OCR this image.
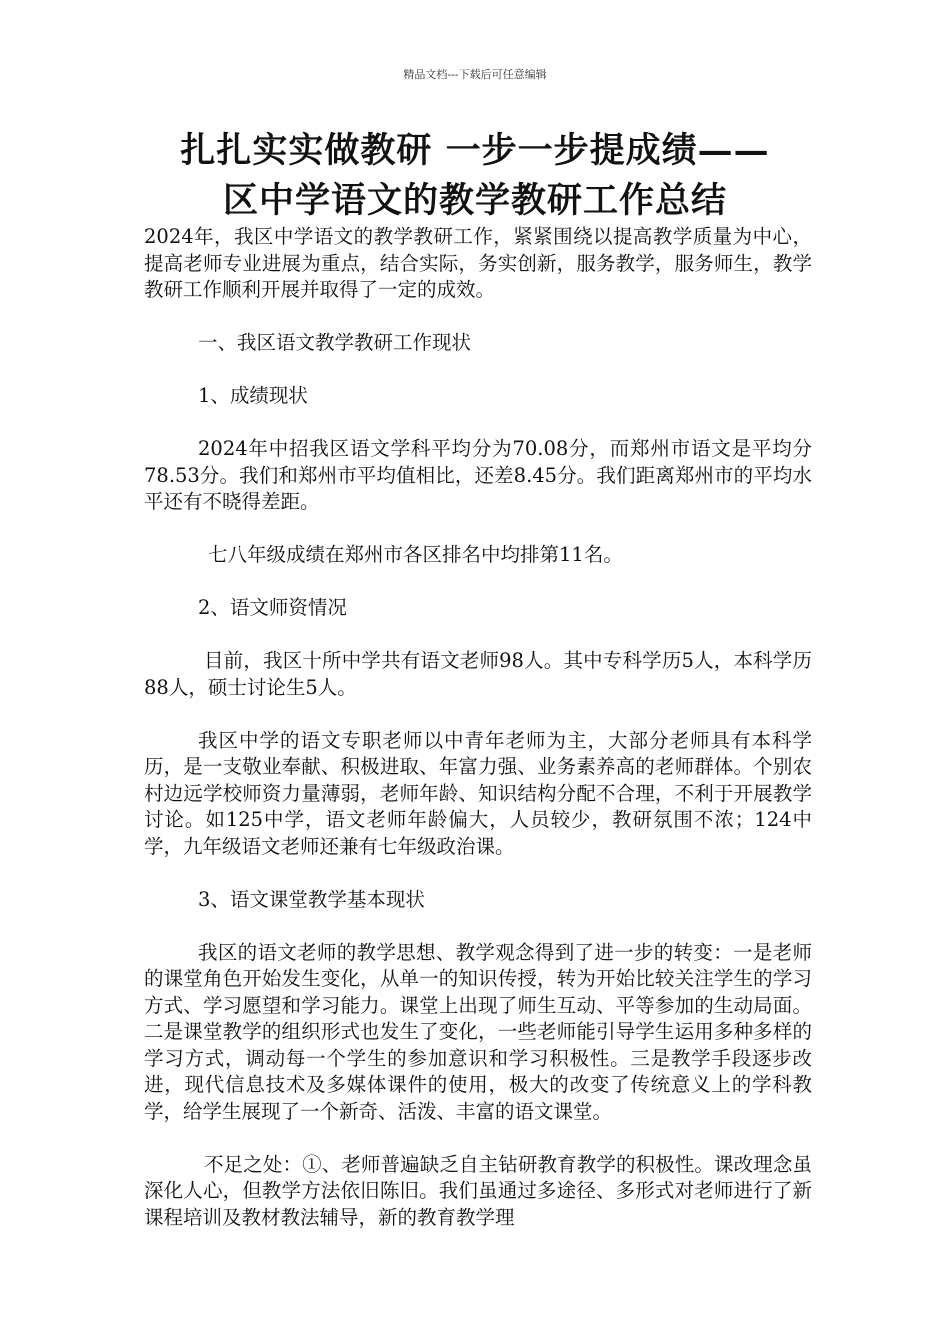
精品文档---下载后可任意编辑
扎扎实实做教研 一步一步提成绩——
区中学语文的教学教研工作总结

2024年，我区中学语文的教学教研工作，紧紧围绕以提高教学质量为中心，提高老师专业进展为重点，结合实际，务实创新，服务教学，服务师生，教学教研工作顺利开展并取得了一定的成效。

一、我区语文教学教研工作现状

1、成绩现状

2024年中招我区语文学科平均分为70.08分，而郑州市语文是平均分78.53分。我们和郑州市平均值相比，还差8.45分。我们距离郑州市的平均水平还有不晓得差距。

七八年级成绩在郑州市各区排名中均排第11名。

2、语文师资情况

目前，我区十所中学共有语文老师98人。其中专科学历5人，本科学历88人，硕士讨论生5人。

我区中学的语文专职老师以中青年老师为主，大部分老师具有本科学历，是一支敬业奉献、积极进取、年富力强、业务素养高的老师群体。个别农村边远学校师资力量薄弱，老师年龄、知识结构分配不合理，不利于开展教学讨论。如125中学，语文老师年龄偏大，人员较少，教研氛围不浓；124中学，九年级语文老师还兼有七年级政治课。

3、语文课堂教学基本现状

我区的语文老师的教学思想、教学观念得到了进一步的转变：一是老师的课堂角色开始发生变化，从单一的知识传授，转为开始比较关注学生的学习方式、学习愿望和学习能力。课堂上出现了师生互动、平等参加的生动局面。二是课堂教学的组织形式也发生了变化，一些老师能引导学生运用多种多样的学习方式，调动每一个学生的参加意识和学习积极性。三是教学手段逐步改进，现代信息技术及多媒体课件的使用，极大的改变了传统意义上的学科教学，给学生展现了一个新奇、活泼、丰富的语文课堂。

不足之处：①、老师普遍缺乏自主钻研教育教学的积极性。课改理念虽深化人心，但教学方法依旧陈旧。我们虽通过多途径、多形式对老师进行了新课程培训及教材教法辅导，新的教育教学理
